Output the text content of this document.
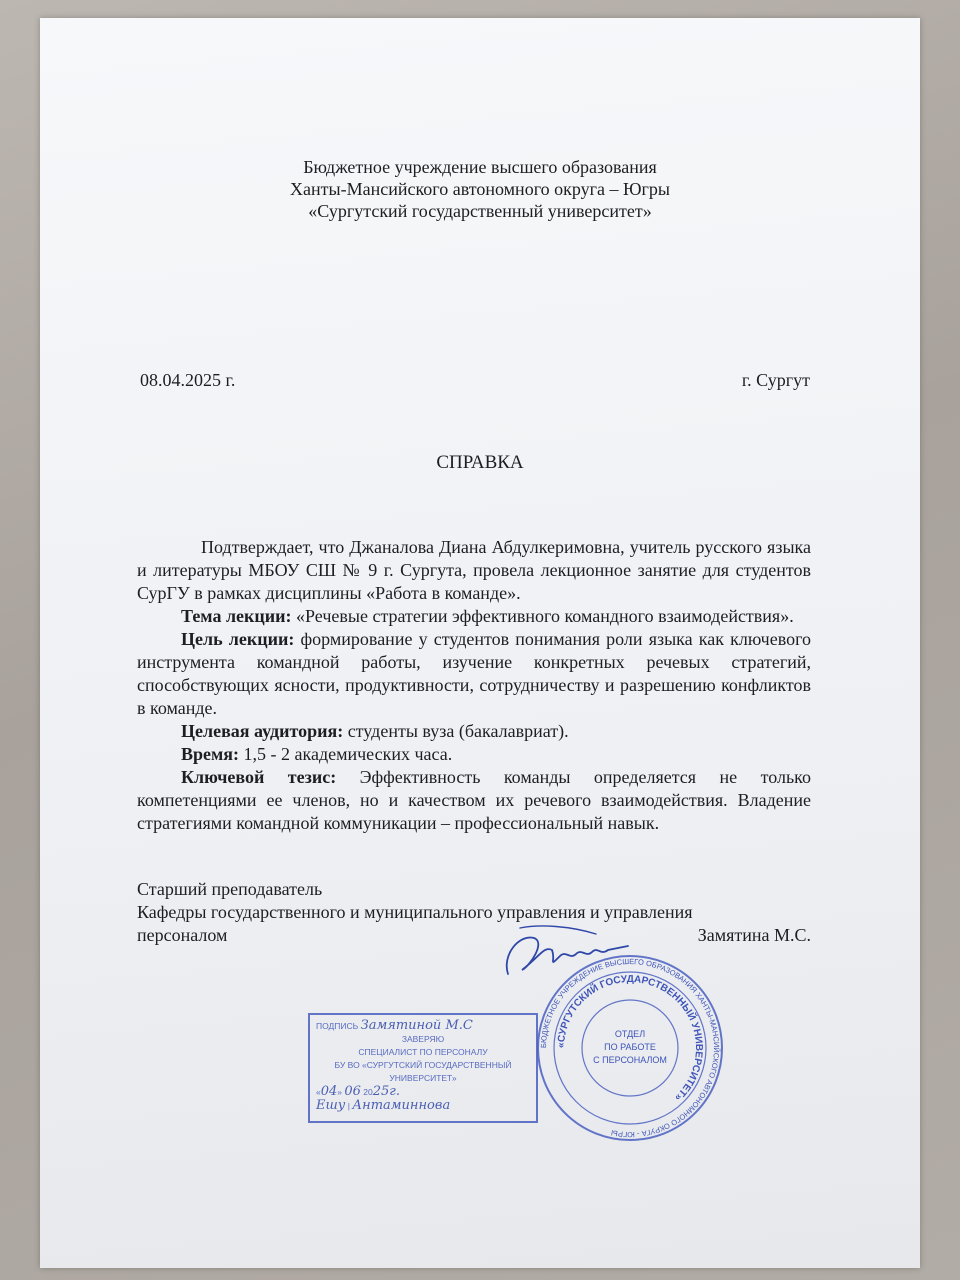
Бюджетное учреждение высшего образования
Ханты-Мансийского автономного округа – Югры
«Сургутский государственный университет»
08.04.2025 г.	г. Сургут
СПРАВКА

Подтверждает, что Джаналова Диана Абдулкеримовна, учитель русского языка и литературы МБОУ СШ № 9 г. Сургута, провела лекционное занятие для студентов СурГУ в рамках дисциплины «Работа в команде».

Тема лекции: «Речевые стратегии эффективного командного взаимодействия».

Цель лекции: формирование у студентов понимания роли языка как ключевого инструмента командной работы, изучение конкретных речевых стратегий, способствующих ясности, продуктивности, сотрудничеству и разрешению конфликтов в команде.

Целевая аудитория: студенты вуза (бакалавриат).

Время: 1,5 - 2 академических часа.

Ключевой тезис: Эффективность команды определяется не только компетенциями ее членов, но и качеством их речевого взаимодействия. Владение стратегиями командной коммуникации – профессиональный навык.

Старший преподаватель
Кафедры государственного и муниципального управления и управления
персоналом	Замятина М.С.
ПОДПИСЬ Замятиной М.С
ЗАВЕРЯЮ
СПЕЦИАЛИСТ ПО ПЕРСОНАЛУ
БУ ВО «СУРГУТСКИЙ ГОСУДАРСТВЕННЫЙ УНИВЕРСИТЕТ»
«04» 06 2025г.
Ешу | Антаминнова
БЮДЖЕТНОЕ УЧРЕЖДЕНИЕ ВЫСШЕГО ОБРАЗОВАНИЯ ХАНТЫ-МАНСИЙСКОГО АВТОНОМНОГО ОКРУГА - ЮГРЫ
«СУРГУТСКИЙ ГОСУДАРСТВЕННЫЙ УНИВЕРСИТЕТ»
ОТДЕЛ
ПО РАБОТЕ
С ПЕРСОНАЛОМ
